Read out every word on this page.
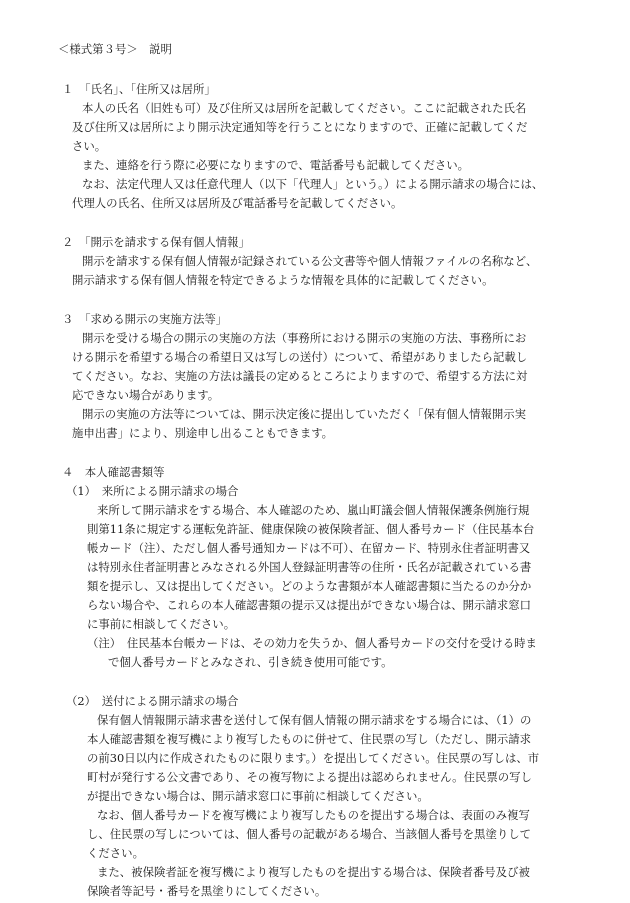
＜様式第３号＞　説明
１　「氏名」、「住所又は居所」
本人の氏名（旧姓も可）及び住所又は居所を記載してください。ここに記載された氏名
及び住所又は居所により開示決定通知等を行うことになりますので、正確に記載してくだ
さい。
また、連絡を行う際に必要になりますので、電話番号も記載してください。
なお、法定代理人又は任意代理人（以下「代理人」という。）による開示請求の場合には、
代理人の氏名、住所又は居所及び電話番号を記載してください。
２　「開示を請求する保有個人情報」
開示を請求する保有個人情報が記録されている公文書等や個人情報ファイルの名称など、
開示請求する保有個人情報を特定できるような情報を具体的に記載してください。
３　「求める開示の実施方法等」
開示を受ける場合の開示の実施の方法（事務所における開示の実施の方法、事務所にお
ける開示を希望する場合の希望日又は写しの送付）について、希望がありましたら記載し
てください。なお、実施の方法は議長の定めるところによりますので、希望する方法に対
応できない場合があります。
開示の実施の方法等については、開示決定後に提出していただく「保有個人情報開示実
施申出書」により、別途申し出ることもできます。
４　本人確認書類等
（1）　来所による開示請求の場合
来所して開示請求をする場合、本人確認のため、嵐山町議会個人情報保護条例施行規
則第11条に規定する運転免許証、健康保険の被保険者証、個人番号カード（住民基本台
帳カード（注）、ただし個人番号通知カードは不可）、在留カード、特別永住者証明書又
は特別永住者証明書とみなされる外国人登録証明書等の住所・氏名が記載されている書
類を提示し、又は提出してください。どのような書類が本人確認書類に当たるのか分か
らない場合や、これらの本人確認書類の提示又は提出ができない場合は、開示請求窓口
に事前に相談してください。
（注）　住民基本台帳カードは、その効力を失うか、個人番号カードの交付を受ける時ま
で個人番号カードとみなされ、引き続き使用可能です。
（2）　送付による開示請求の場合
保有個人情報開示請求書を送付して保有個人情報の開示請求をする場合には、（1）の
本人確認書類を複写機により複写したものに併せて、住民票の写し（ただし、開示請求
の前30日以内に作成されたものに限ります。）を提出してください。住民票の写しは、市
町村が発行する公文書であり、その複写物による提出は認められません。住民票の写し
が提出できない場合は、開示請求窓口に事前に相談してください。
なお、個人番号カードを複写機により複写したものを提出する場合は、表面のみ複写
し、住民票の写しについては、個人番号の記載がある場合、当該個人番号を黒塗りして
ください。
また、被保険者証を複写機により複写したものを提出する場合は、保険者番号及び被
保険者等記号・番号を黒塗りにしてください。
